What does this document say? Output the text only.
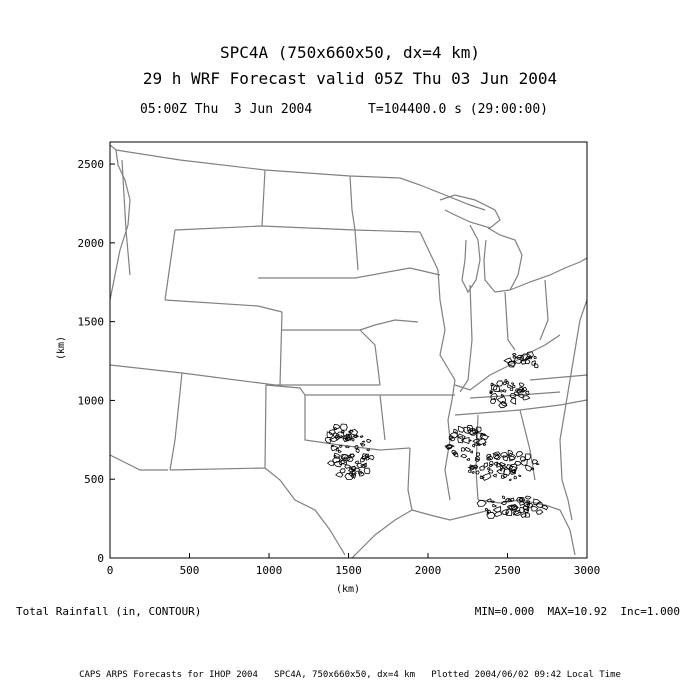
SPC4A (750x660x50, dx=4 km)
29 h WRF Forecast valid 05Z Thu 03 Jun 2004
05:00Z Thu  3 Jun 2004	T=104400.0 s (29:00:00)
0	500	1000	1500	2000	2500	3000
0
500
1000
1500
2000
2500
(km)
(km)
Total Rainfall (in, CONTOUR)	MIN=0.000  MAX=10.92  Inc=1.000
CAPS ARPS Forecasts for IHOP 2004   SPC4A, 750x660x50, dx=4 km   Plotted 2004/06/02 09:42 Local Time
